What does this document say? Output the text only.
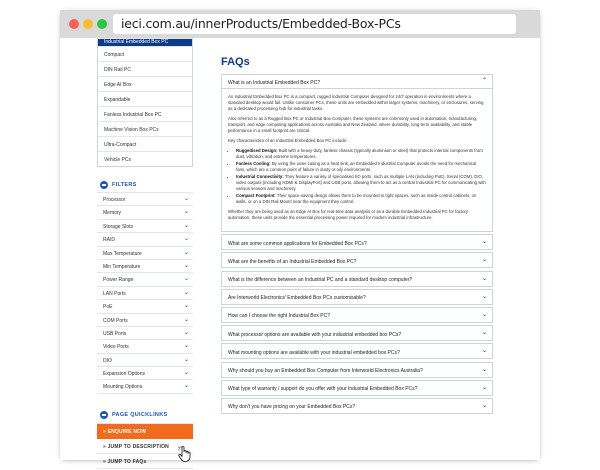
ieci.com.au/innerProducts/Embedded-Box-PCs
Industrial Embedded Box PC
Compact
DIN Rail PC
Edge AI Box
Expandable
Fanless Industrial Box PC
Machine Vision Box PCs
Ultra-Compact
Vehicle PCs
FILTERS
Processor	⌄
Memory	⌄
Storage Slots	⌄
RAID	⌄
Max Temperature	⌄
Min Temperature	⌄
Power Range	⌄
LAN Ports	⌄
PoE	⌄
COM Ports	⌄
USB Ports	⌄
Video Ports	⌄
DIO	⌄
Expansion Options	⌄
Mounting Options	⌄
PAGE QUICKLINKS
» ENQUIRE NOW
» JUMP TO DESCRIPTION
» JUMP TO FAQs
FAQs
What is an Industrial Embedded Box PC?	⌃

An Industrial Embedded Box PC is a compact, rugged Industrial Computer designed for 24/7 operation in environments where a standard desktop would fail. Unlike consumer PCs, these units are embedded within larger systems, machinery, or enclosures, serving as a dedicated processing hub for industrial tasks.

Also referred to as a Rugged Box PC or Industrial Box Computer, these systems are commonly used in automation, manufacturing, transport, and edge computing applications across Australia and New Zealand, where durability, long-term availability, and stable performance in a small footprint are critical.

Key characteristics of an Industrial Embedded Box PC include:

• Ruggedised Design: Built with a heavy-duty, fanless chassis (typically aluminium or steel) that protects internal components from dust, vibration, and extreme temperatures.
• Fanless Cooling: By using the outer casing as a heat sink, an Embedded Industrial Computer avoids the need for mechanical fans, which are a common point of failure in dusty or oily environments.
• Industrial Connectivity: They feature a variety of specialised I/O ports, such as multiple LAN (including PoE), Serial (COM), DIO, video outputs (including HDMI & DisplayPort) and USB ports, allowing them to act as a central Industrial PC for communicating with various sensors and machinery.
• Compact Footprint: Their space-saving design allows them to be mounted in tight spaces, such as inside control cabinets, on walls, or on a DIN Rail Mount near the equipment they control.

Whether they are being used as an Edge AI Box for real-time data analysis or as a durable Embedded Industrial PC for factory automation, these units provide the essential processing power required for modern industrial infrastructure.

What are some common applications for Embedded Box PCs?	⌄
What are the benefits of an Industrial Embedded Box PC?	⌄
What is the difference between an Industrial PC and a standard desktop computer?	⌄
Are Interworld Electronics' Embedded Box PCs customisable?	⌄
How can I choose the right Industrial Box PC?	⌄
What processor options are available with your industrial embedded box PCs?	⌄
What mounting options are available with your industrial embedded box PCs?	⌄
Why should you buy an Embedded Box Computer from Interworld Electronics Australia?	⌄
What type of warranty / support do you offer with your Industrial Embedded Box PCs?	⌄
Why don't you have pricing on your Embedded Box PCs?	⌄
